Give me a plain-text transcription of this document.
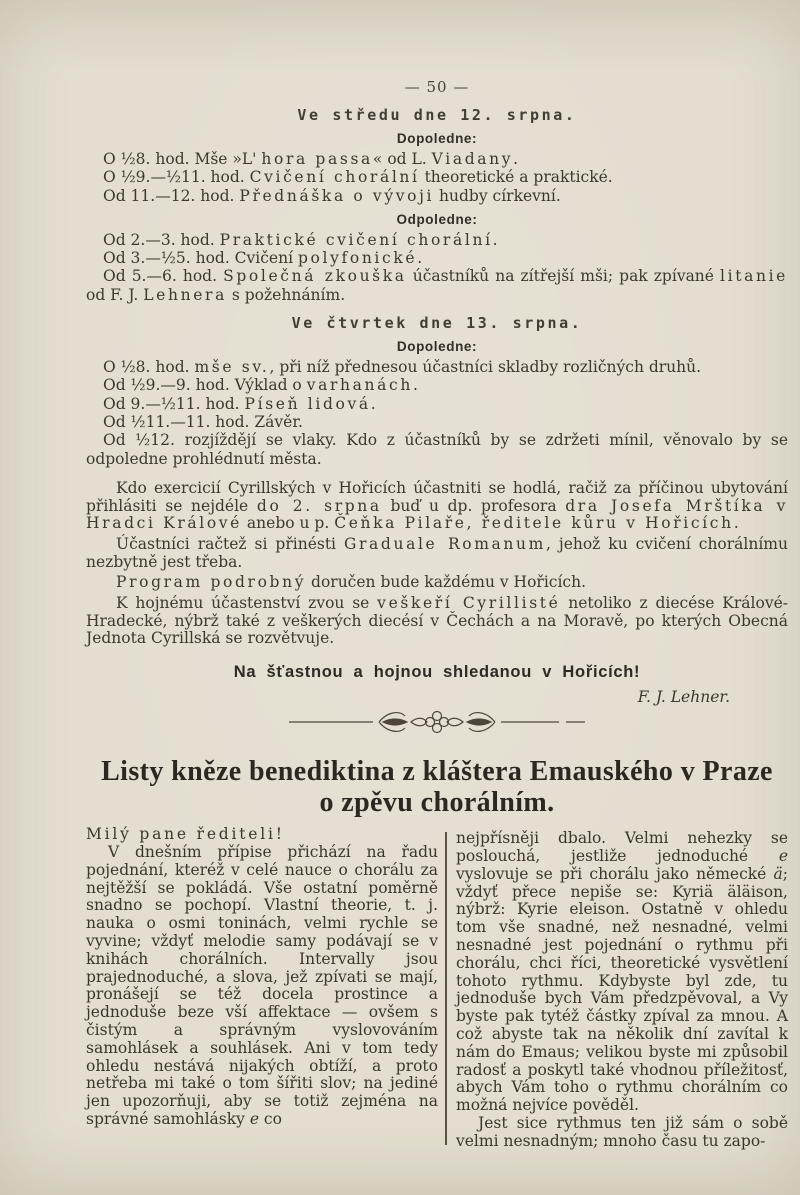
— 50 —

Ve středu dne 12. srpna.

Dopoledne:

O ½8. hod. Mše »L' hora passa« od L. Viadany.

O ½9.—½11. hod. Cvičení chorální theoretické a praktické.

Od 11.—12. hod. Přednáška o vývoji hudby církevní.

Odpoledne:

Od 2.—3. hod. Praktické cvičení chorální.

Od 3.—½5. hod. Cvičení polyfonické.

Od 5.—6. hod. Společná zkouška účastníků na zítřejší mši; pak zpívané litanie od F. J. Lehnera s požehnáním.

Ve čtvrtek dne 13. srpna.

Dopoledne:

O ½8. hod. mše sv., při níž přednesou účastníci skladby rozličných druhů.

Od ½9.—9. hod. Výklad o varhanách.

Od 9.—½11. hod. Píseň lidová.

Od ½11.—11. hod. Závěr.

Od ½12. rozjíždějí se vlaky. Kdo z účastníků by se zdržeti mínil, věnovalo by se odpoledne prohlédnutí města.

Kdo exercicií Cyrillských v Hořicích účastniti se hodlá, račiž za příčinou ubytování přihlásiti se nejdéle do 2. srpna buď u dp. profesora dra Josefa Mrštíka v Hradci Králové anebo u p. Čeňka Pilaře, ředitele kůru v Hořicích.

Účastníci račtež si přinésti Graduale Romanum, jehož ku cvičení chorálnímu nezbytně jest třeba.

Program podrobný doručen bude každému v Hořicích.

K hojnému účastenství zvou se veškeří Cyrillisté netoliko z diecése Králové-Hradecké, nýbrž také z veškerých diecésí v Čechách a na Moravě, po kterých Obecná Jednota Cyrillská se rozvětvuje.

Na šťastnou a hojnou shledanou v Hořicích!

F. J. Lehner.

Listy kněze benediktina z kláštera Emauského v Praze
o zpěvu chorálním.

Milý pane řediteli!

V dnešním přípise přichází na řadu pojednání, kteréž v celé nauce o chorálu za nejtěžší se pokládá. Vše ostatní poměrně snadno se pochopí. Vlastní theorie, t. j. nauka o osmi toninách, velmi rychle se vyvine; vždyť melodie samy podávají se v knihách chorálních. Intervally jsou prajednoduché, a slova, jež zpívati se mají, pronášejí se též docela prostince a jednoduše beze vší affektace — ovšem s čistým a správným vyslovováním samohlásek a souhlásek. Ani v tom tedy ohledu nestává nijakých obtíží, a proto netřeba mi také o tom šířiti slov; na jediné jen upozorňuji, aby se totiž zejména na správné samohlásky e co

nejpřísněji dbalo. Velmi nehezky se poslouchá, jestliže jednoduché e vyslovuje se při chorálu jako německé ä; vždyť přece nepiše se: Kyriä äläison, nýbrž: Kyrie eleison. Ostatně v ohledu tom vše snadné, než nesnadné, velmi nesnadné jest pojednání o rythmu při chorálu, chci říci, theoretické vysvětlení tohoto rythmu. Kdybyste byl zde, tu jednoduše bych Vám předzpěvoval, a Vy byste pak tytéž částky zpíval za mnou. A což abyste tak na několik dní zavítal k nám do Emaus; velikou byste mi způsobil radosť a poskytl také vhodnou příležitosť, abych Vám toho o rythmu chorálním co možná nejvíce pověděl.

Jest sice rythmus ten již sám o sobě velmi nesnadným; mnoho času tu zapo-
